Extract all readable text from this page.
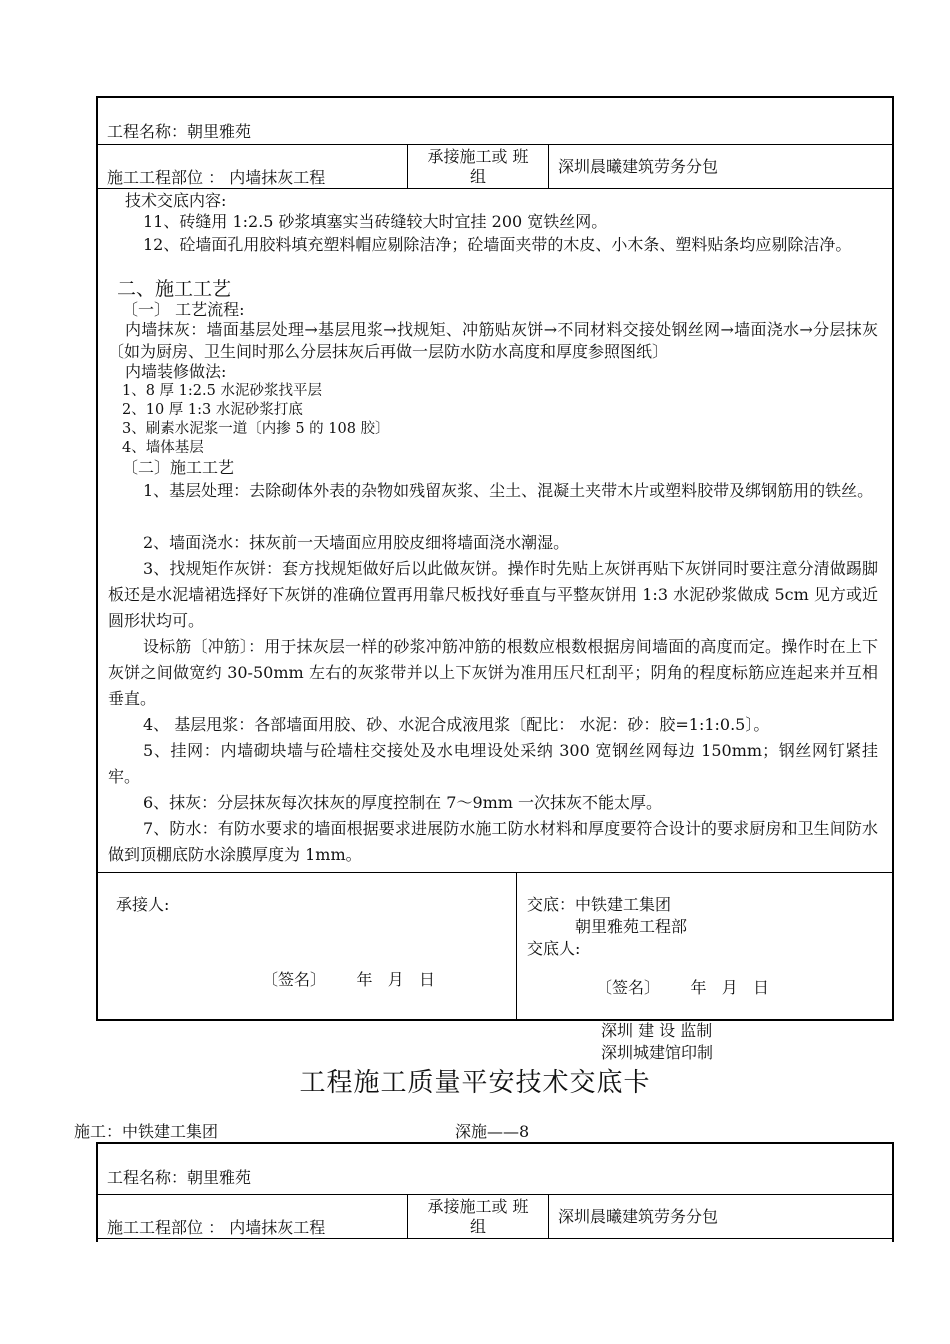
工程名称：朝里雅苑
施工工程部位 ： 内墙抹灰工程
承接施工或 班
组
深圳晨曦建筑劳务分包
技术交底内容:
11、砖缝用 1:2.5 砂浆填塞实当砖缝较大时宜挂 200 宽铁丝网。
12、砼墙面孔用胶料填充塑料帽应剔除洁净；砼墙面夹带的木皮、小木条、塑料贴条均应剔除洁净。
二、施工工艺
〔一〕 工艺流程:
内墙抹灰：墙面基层处理→基层甩浆→找规矩、冲筋贴灰饼→不同材料交接处钢丝网→墙面浇水→分层抹灰〔如为厨房、卫生间时那么分层抹灰后再做一层防水防水高度和厚度参照图纸〕
内墙装修做法:
1、8 厚 1:2.5 水泥砂浆找平层
2、10 厚 1:3 水泥砂浆打底
3、刷素水泥浆一道〔内掺 5 的 108 胶〕
4、墙体基层
〔二〕施工工艺
1、基层处理：去除砌体外表的杂物如残留灰浆、尘土、混凝土夹带木片或塑料胶带及绑钢筋用的铁丝。
2、墙面浇水：抹灰前一天墙面应用胶皮细将墙面浇水潮湿。
3、找规矩作灰饼：套方找规矩做好后以此做灰饼。操作时先贴上灰饼再贴下灰饼同时要注意分清做踢脚板还是水泥墙裙选择好下灰饼的准确位置再用靠尺板找好垂直与平整灰饼用 1:3 水泥砂浆做成 5cm 见方或近圆形状均可。
设标筋〔冲筋〕：用于抹灰层一样的砂浆冲筋冲筋的根数应根数根据房间墙面的高度而定。操作时在上下灰饼之间做宽约 30-50mm 左右的灰浆带并以上下灰饼为准用压尺杠刮平；阴角的程度标筋应连起来并互相垂直。
4、 基层甩浆：各部墙面用胶、砂、水泥合成液甩浆〔配比： 水泥：砂：胶=1:1:0.5〕。
5、挂网：内墙砌块墙与砼墙柱交接处及水电埋设处采纳 300 宽钢丝网每边 150mm；钢丝网钉紧挂牢。
6、抹灰：分层抹灰每次抹灰的厚度控制在 7～9mm 一次抹灰不能太厚。
7、防水：有防水要求的墙面根据要求进展防水施工防水材料和厚度要符合设计的要求厨房和卫生间防水做到顶棚底防水涂膜厚度为 1mm。
承接人:
〔签名〕      年   月   日
交底：中铁建工集团
朝里雅苑工程部
交底人:
〔签名〕      年   月   日
深圳 建 设 监制
深圳城建馆印制
工程施工质量平安技术交底卡
施工：中铁建工集团	深施——8
工程名称：朝里雅苑
施工工程部位 ： 内墙抹灰工程
承接施工或 班
组
深圳晨曦建筑劳务分包
